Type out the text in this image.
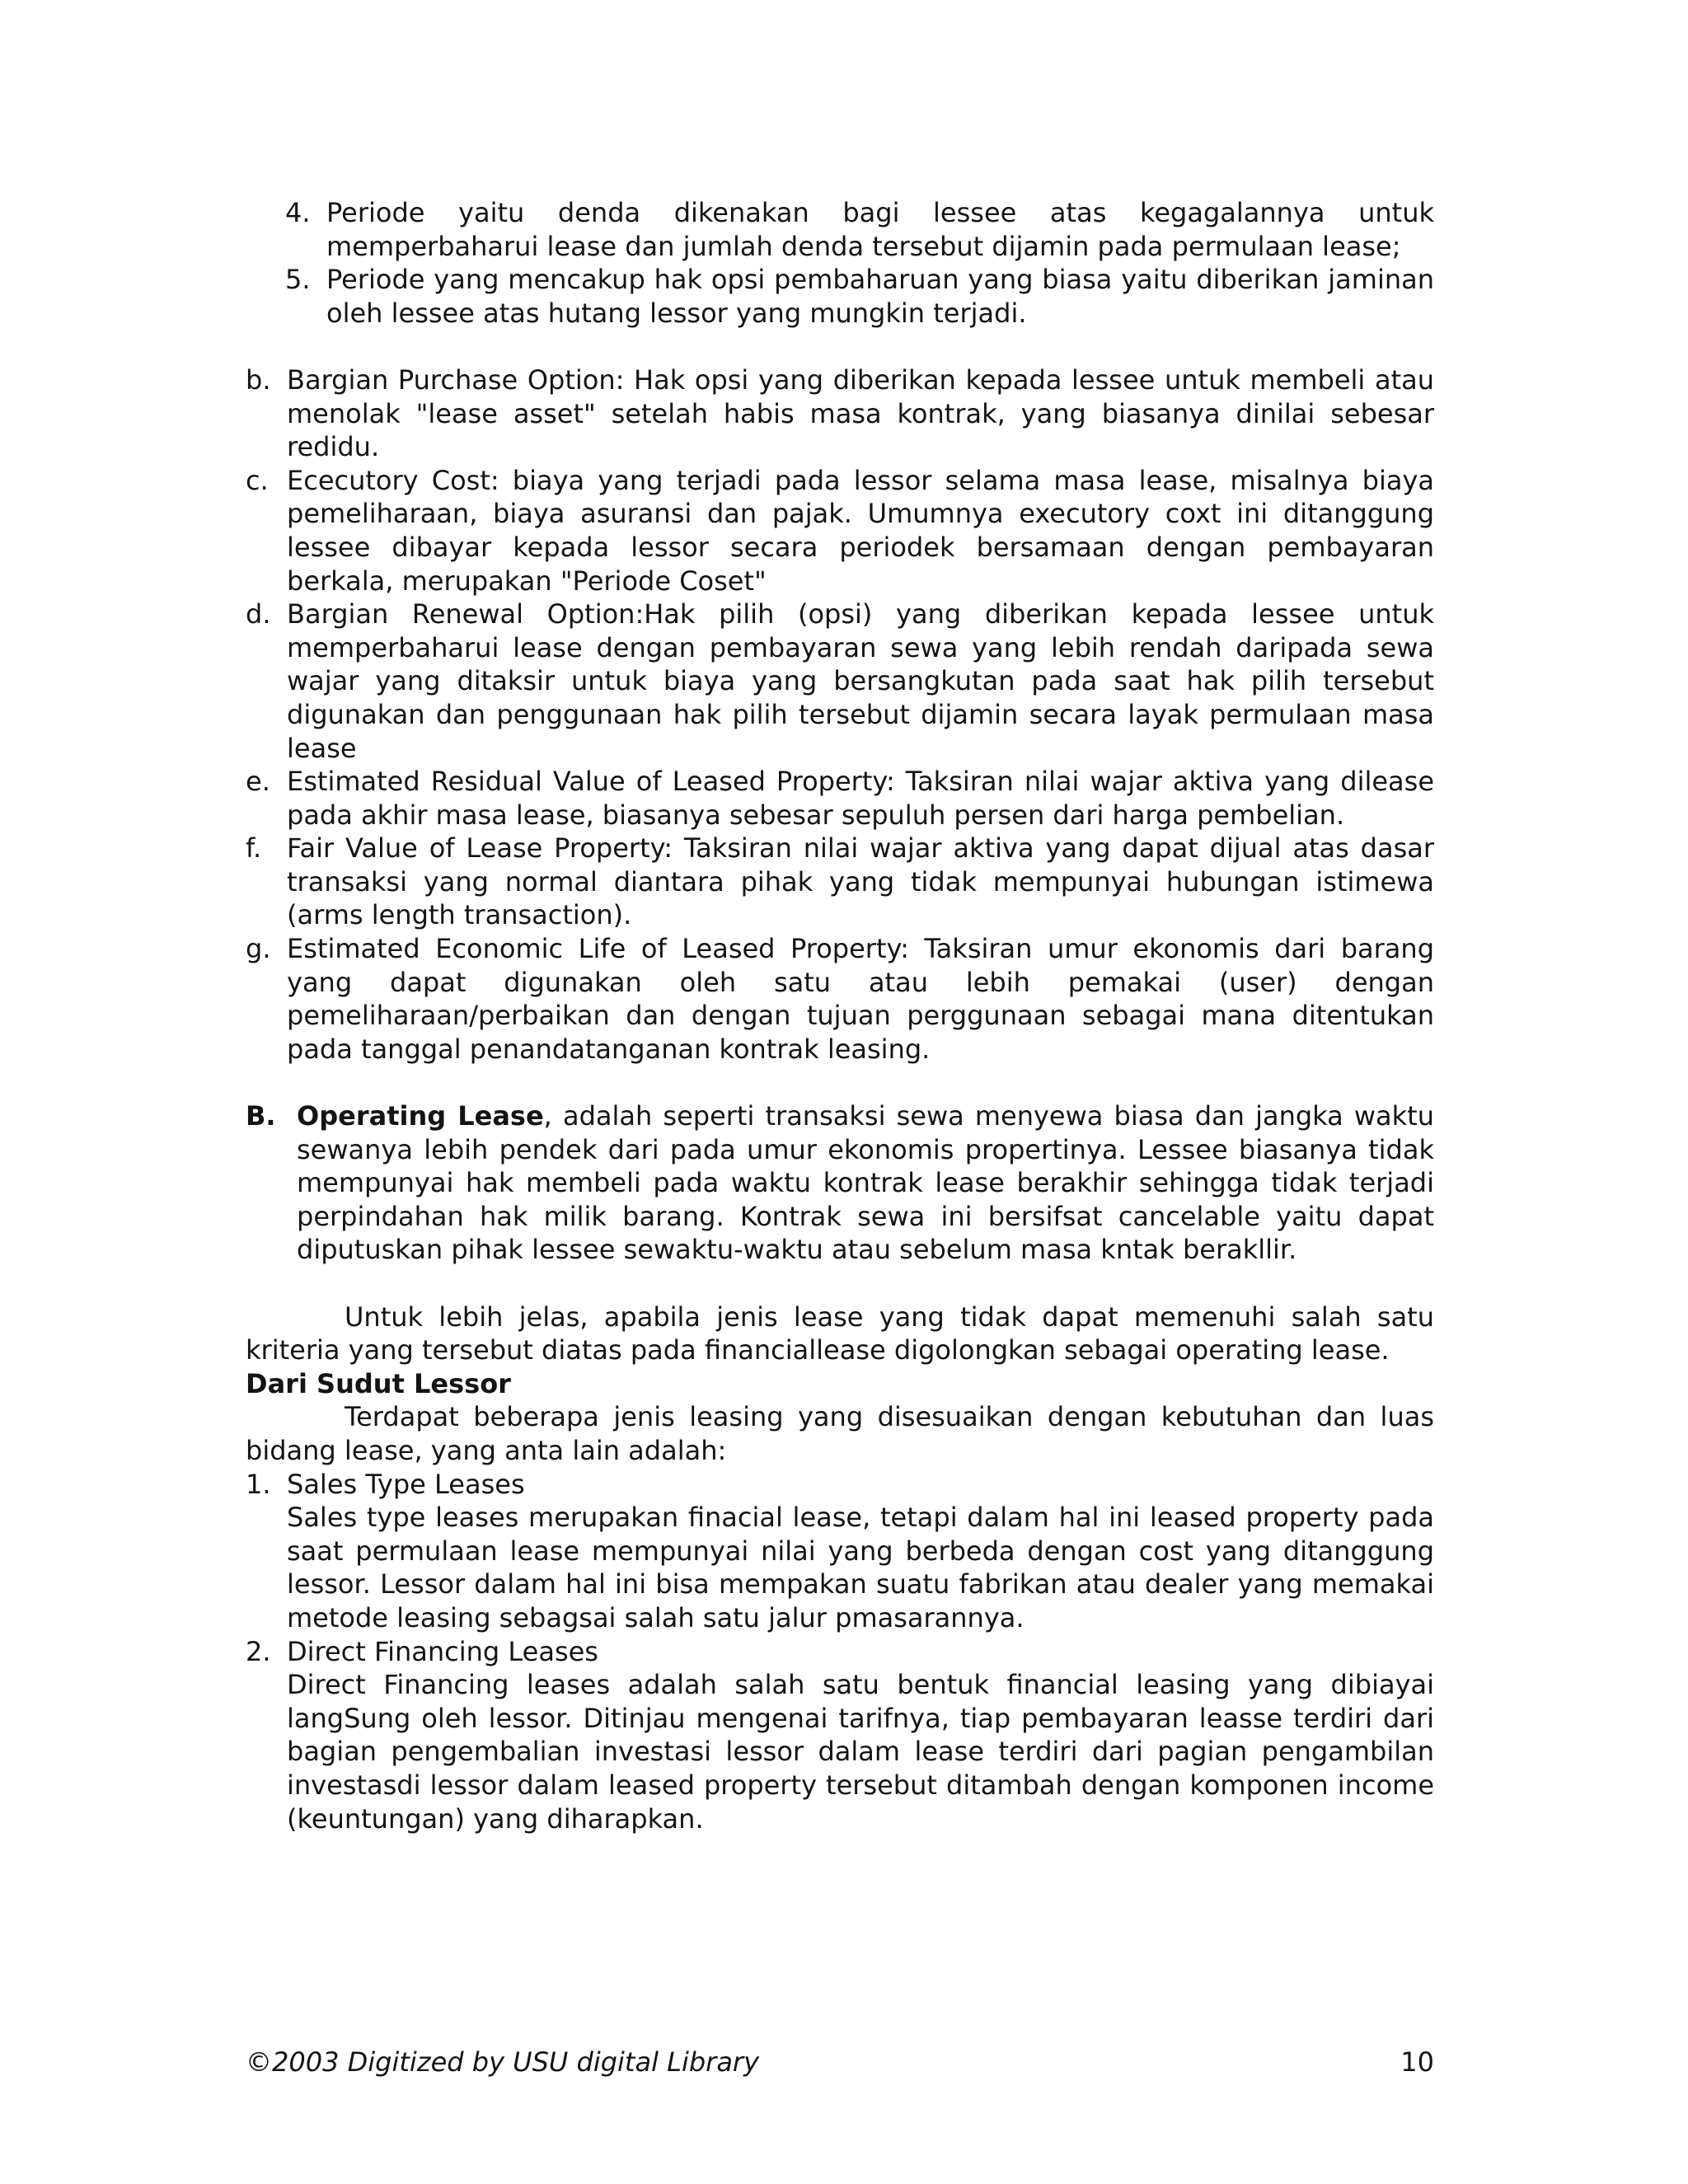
4. Periode yaitu denda dikenakan bagi lessee atas kegagalannya untuk memperbaharui lease dan jumlah denda tersebut dijamin pada permulaan lease;
5. Periode yang mencakup hak opsi pembaharuan yang biasa yaitu diberikan jaminan oleh lessee atas hutang lessor yang mungkin terjadi.
b. Bargian Purchase Option: Hak opsi yang diberikan kepada lessee untuk membeli atau menolak "lease asset" setelah habis masa kontrak, yang biasanya dinilai sebesar redidu.
c. Ececutory Cost: biaya yang terjadi pada lessor selama masa lease, misalnya biaya pemeliharaan, biaya asuransi dan pajak. Umumnya executory coxt ini ditanggung lessee dibayar kepada lessor secara periodek bersamaan dengan pembayaran berkala, merupakan "Periode Coset"
d. Bargian Renewal Option:Hak pilih (opsi) yang diberikan kepada lessee untuk memperbaharui lease dengan pembayaran sewa yang lebih rendah daripada sewa wajar yang ditaksir untuk biaya yang bersangkutan pada saat hak pilih tersebut digunakan dan penggunaan hak pilih tersebut dijamin secara layak permulaan masa lease
e. Estimated Residual Value of Leased Property: Taksiran nilai wajar aktiva yang dilease pada akhir masa lease, biasanya sebesar sepuluh persen dari harga pembelian.
f. Fair Value of Lease Property: Taksiran nilai wajar aktiva yang dapat dijual atas dasar transaksi yang normal diantara pihak yang tidak mempunyai hubungan istimewa (arms length transaction).
g. Estimated Economic Life of Leased Property: Taksiran umur ekonomis dari barang yang dapat digunakan oleh satu atau lebih pemakai (user) dengan pemeliharaan/perbaikan dan dengan tujuan perggunaan sebagai mana ditentukan pada tanggal penandatanganan kontrak leasing.
B. Operating Lease, adalah seperti transaksi sewa menyewa biasa dan jangka waktu sewanya lebih pendek dari pada umur ekonomis propertinya. Lessee biasanya tidak mempunyai hak membeli pada waktu kontrak lease berakhir sehingga tidak terjadi perpindahan hak milik barang. Kontrak sewa ini bersifsat cancelable yaitu dapat diputuskan pihak lessee sewaktu-waktu atau sebelum masa kntak berakllir.
Untuk lebih jelas, apabila jenis lease yang tidak dapat memenuhi salah satu kriteria yang tersebut diatas pada financiallease digolongkan sebagai operating lease.
Dari Sudut Lessor
Terdapat beberapa jenis leasing yang disesuaikan dengan kebutuhan dan luas bidang lease, yang anta lain adalah:
1. Sales Type Leases
Sales type leases merupakan finacial lease, tetapi dalam hal ini leased property pada saat permulaan lease mempunyai nilai yang berbeda dengan cost yang ditanggung lessor. Lessor dalam hal ini bisa mempakan suatu fabrikan atau dealer yang memakai metode leasing sebagsai salah satu jalur pmasarannya.
2. Direct Financing Leases
Direct Financing leases adalah salah satu bentuk financial leasing yang dibiayai langSung oleh lessor. Ditinjau mengenai tarifnya, tiap pembayaran leasse terdiri dari bagian pengembalian investasi lessor dalam lease terdiri dari pagian pengambilan investasdi lessor dalam leased property tersebut ditambah dengan komponen income (keuntungan) yang diharapkan.
©2003 Digitized by USU digital Library	10
